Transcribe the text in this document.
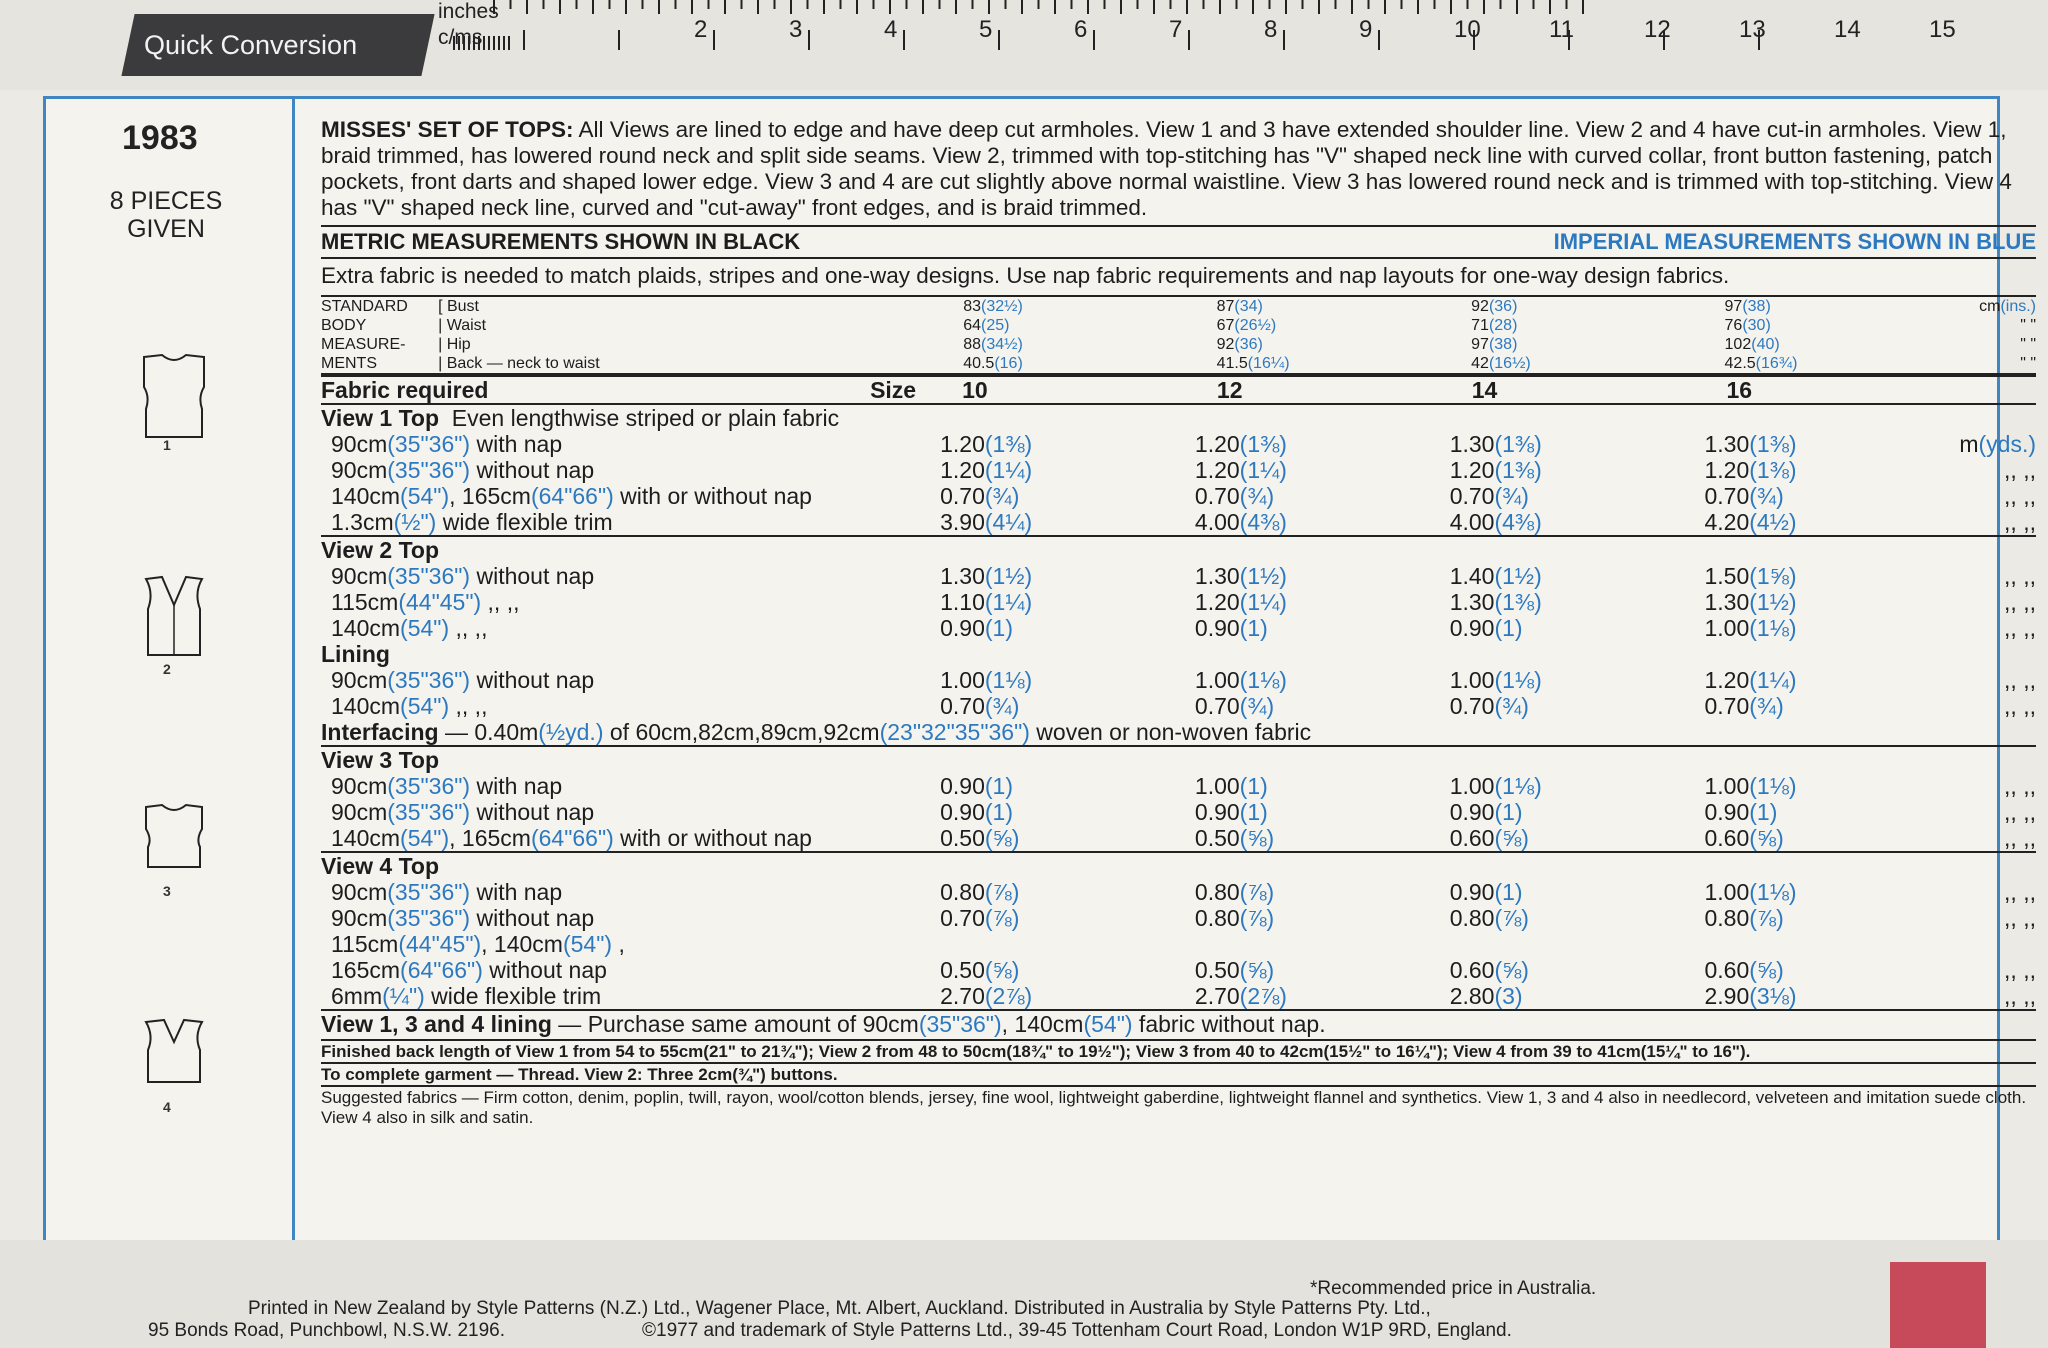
Quick Conversion
inches
c/ms	2	3	4	5	6	7	8	9	10	11	12	13	14	15
1983
8 PIECES
GIVEN
1
2
3
4

MISSES' SET OF TOPS: All Views are lined to edge and have deep cut armholes. View 1 and 3 have extended shoulder line. View 2 and 4 have cut-in armholes. View 1, braid trimmed, has lowered round neck and split side seams. View 2, trimmed with top-stitching has "V" shaped neck line with curved collar, front button fastening, patch pockets, front darts and shaped lower edge. View 3 and 4 are cut slightly above normal waistline. View 3 has lowered round neck and is trimmed with top-stitching. View 4 has "V" shaped neck line, curved and "cut-away" front edges, and is braid trimmed.

METRIC MEASUREMENTS SHOWN IN BLACK	IMPERIAL MEASUREMENTS SHOWN IN BLUE
Extra fabric is needed to match plaids, stripes and one-way designs. Use nap fabric requirements and nap layouts for one-way design fabrics.
STANDARD	[ Bust	83(32½)	87(34)	92(36)	97(38)	cm(ins.)
BODY	| Waist	64(25)	67(26½)	71(28)	76(30)	" "
MEASURE-	| Hip	88(34½)	92(36)	97(38)	102(40)	" "
MENTS	| Back — neck to waist	40.5(16)	41.5(16¼)	42(16½)	42.5(16¾)	" "
Fabric required Size	10	12	14	16	
View 1 Top  Even lengthwise striped or plain fabric					
90cm(35"36") with nap	1.20(1⅜)	1.20(1⅜)	1.30(1⅜)	1.30(1⅜)	m(yds.)
90cm(35"36") without nap	1.20(1¼)	1.20(1¼)	1.20(1⅜)	1.20(1⅜)	,, ,,
140cm(54"), 165cm(64"66") with or without nap	0.70(¾)	0.70(¾)	0.70(¾)	0.70(¾)	,, ,,
1.3cm(½") wide flexible trim	3.90(4¼)	4.00(4⅜)	4.00(4⅜)	4.20(4½)	,, ,,
View 2 Top					
90cm(35"36") without nap	1.30(1½)	1.30(1½)	1.40(1½)	1.50(1⅝)	,, ,,
115cm(44"45") ,, ,,	1.10(1¼)	1.20(1¼)	1.30(1⅜)	1.30(1½)	,, ,,
140cm(54") ,, ,,	0.90(1)	0.90(1)	0.90(1)	1.00(1⅛)	,, ,,
Lining					
90cm(35"36") without nap	1.00(1⅛)	1.00(1⅛)	1.00(1⅛)	1.20(1¼)	,, ,,
140cm(54") ,, ,,	0.70(¾)	0.70(¾)	0.70(¾)	0.70(¾)	,, ,,
Interfacing — 0.40m(½yd.) of 60cm,82cm,89cm,92cm(23"32"35"36") woven or non-woven fabric					
View 3 Top					
90cm(35"36") with nap	0.90(1)	1.00(1)	1.00(1⅛)	1.00(1⅛)	,, ,,
90cm(35"36") without nap	0.90(1)	0.90(1)	0.90(1)	0.90(1)	,, ,,
140cm(54"), 165cm(64"66") with or without nap	0.50(⅝)	0.50(⅝)	0.60(⅝)	0.60(⅝)	,, ,,
View 4 Top					
90cm(35"36") with nap	0.80(⅞)	0.80(⅞)	0.90(1)	1.00(1⅛)	,, ,,
90cm(35"36") without nap	0.70(⅞)	0.80(⅞)	0.80(⅞)	0.80(⅞)	,, ,,
115cm(44"45"), 140cm(54") ,					
165cm(64"66") without nap	0.50(⅝)	0.50(⅝)	0.60(⅝)	0.60(⅝)	,, ,,
6mm(¼") wide flexible trim	2.70(2⅞)	2.70(2⅞)	2.80(3)	2.90(3⅛)	,, ,,
View 1, 3 and 4 lining — Purchase same amount of 90cm(35"36"), 140cm(54") fabric without nap.					
Finished back length of View 1 from 54 to 55cm(21" to 21¾"); View 2 from 48 to 50cm(18¾" to 19½"); View 3 from 40 to 42cm(15½" to 16¼"); View 4 from 39 to 41cm(15¼" to 16").
To complete garment — Thread. View 2: Three 2cm(¾") buttons.
Suggested fabrics — Firm cotton, denim, poplin, twill, rayon, wool/cotton blends, jersey, fine wool, lightweight gaberdine, lightweight flannel and synthetics. View 1, 3 and 4 also in needlecord, velveteen and imitation suede cloth. View 4 also in silk and satin.
*Recommended price in Australia.
Printed in New Zealand by Style Patterns (N.Z.) Ltd., Wagener Place, Mt. Albert, Auckland. Distributed in Australia by Style Patterns Pty. Ltd.,
95 Bonds Road, Punchbowl, N.S.W. 2196.	©1977 and trademark of Style Patterns Ltd., 39-45 Tottenham Court Road, London W1P 9RD, England.
